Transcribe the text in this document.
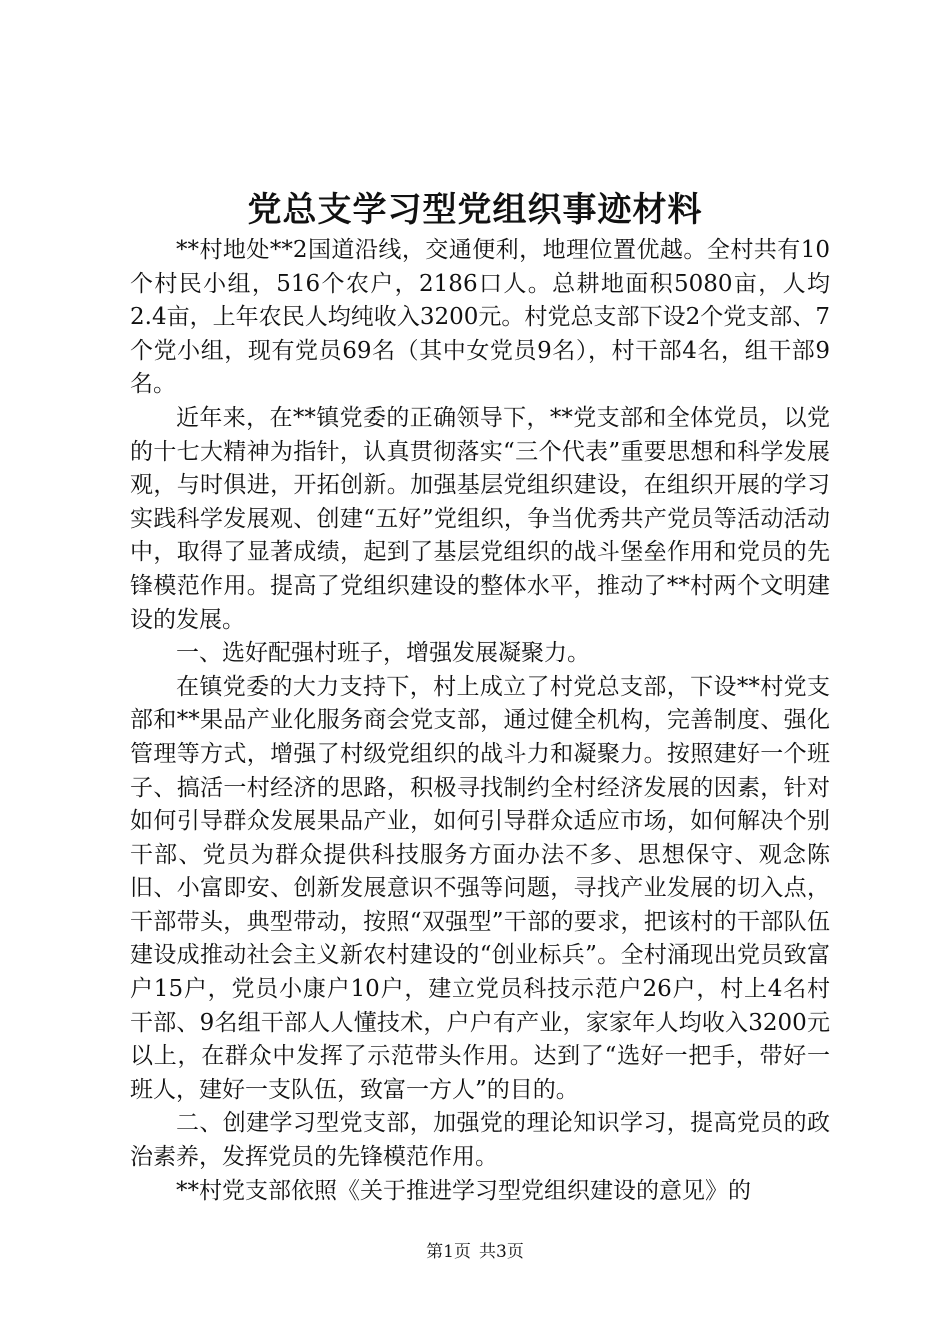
党总支学习型党组织事迹材料

**村地处**2国道沿线，交通便利，地理位置优越。全村共有10个村民小组，516个农户，2186口人。总耕地面积5080亩，人均2.4亩，上年农民人均纯收入3200元。村党总支部下设2个党支部、7个党小组，现有党员69名（其中女党员9名），村干部4名，组干部9名。

近年来，在**镇党委的正确领导下，**党支部和全体党员，以党的十七大精神为指针，认真贯彻落实“三个代表”重要思想和科学发展观，与时俱进，开拓创新。加强基层党组织建设，在组织开展的学习实践科学发展观、创建“五好”党组织，争当优秀共产党员等活动活动中，取得了显著成绩，起到了基层党组织的战斗堡垒作用和党员的先锋模范作用。提高了党组织建设的整体水平，推动了**村两个文明建设的发展。

一、选好配强村班子，增强发展凝聚力。

在镇党委的大力支持下，村上成立了村党总支部，下设**村党支部和**果品产业化服务商会党支部，通过健全机构，完善制度、强化管理等方式，增强了村级党组织的战斗力和凝聚力。按照建好一个班子、搞活一村经济的思路，积极寻找制约全村经济发展的因素，针对如何引导群众发展果品产业，如何引导群众适应市场，如何解决个别干部、党员为群众提供科技服务方面办法不多、思想保守、观念陈旧、小富即安、创新发展意识不强等问题，寻找产业发展的切入点，干部带头，典型带动，按照“双强型”干部的要求，把该村的干部队伍建设成推动社会主义新农村建设的“创业标兵”。全村涌现出党员致富户15户，党员小康户10户，建立党员科技示范户26户，村上4名村干部、9名组干部人人懂技术，户户有产业，家家年人均收入3200元以上，在群众中发挥了示范带头作用。达到了“选好一把手，带好一班人，建好一支队伍，致富一方人”的目的。

二、创建学习型党支部，加强党的理论知识学习，提高党员的政治素养，发挥党员的先锋模范作用。

**村党支部依照《关于推进学习型党组织建设的意见》的

第1页 共3页
